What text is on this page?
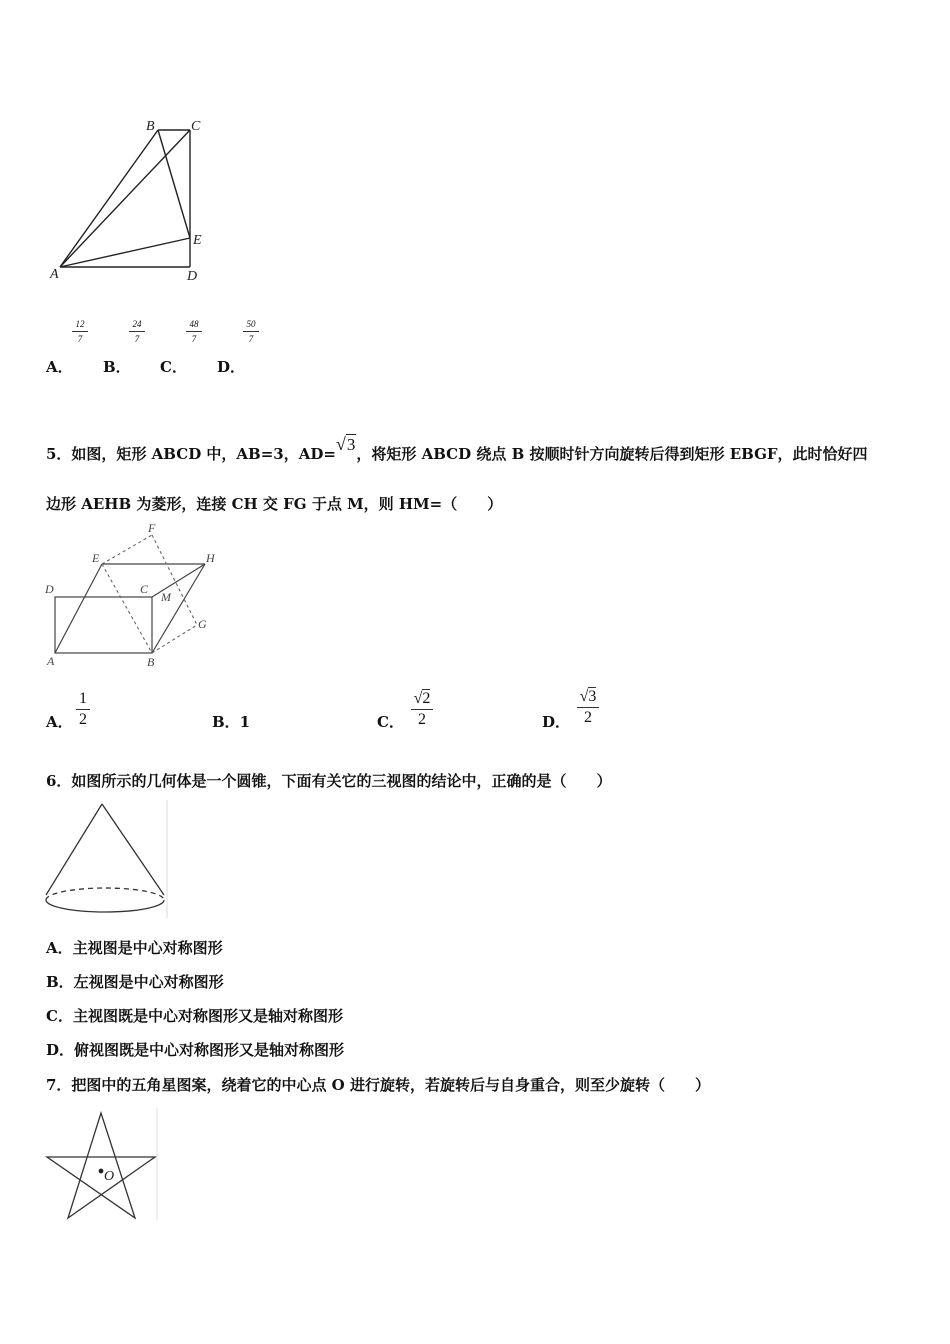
B	C
E
A	D
12
7
24
7
48
7
50
7
A． B． C． D．
5．如图，矩形 ABCD 中，AB=3，AD=√3，将矩形 ABCD 绕点 B 按顺时针方向旋转后得到矩形 EBGF，此时恰好四
边形 AEHB 为菱形，连接 CH 交 FG 于点 M，则 HM=（　　）
F
E	H
D	C
M
G
A	B
A．
1
2	B．1	C．
√2
2	D．
√3
2
6．如图所示的几何体是一个圆锥，下面有关它的三视图的结论中，正确的是（　　）
A．主视图是中心对称图形
B．左视图是中心对称图形
C．主视图既是中心对称图形又是轴对称图形
D．俯视图既是中心对称图形又是轴对称图形
7．把图中的五角星图案，绕着它的中心点 O 进行旋转，若旋转后与自身重合，则至少旋转（　　）
O
